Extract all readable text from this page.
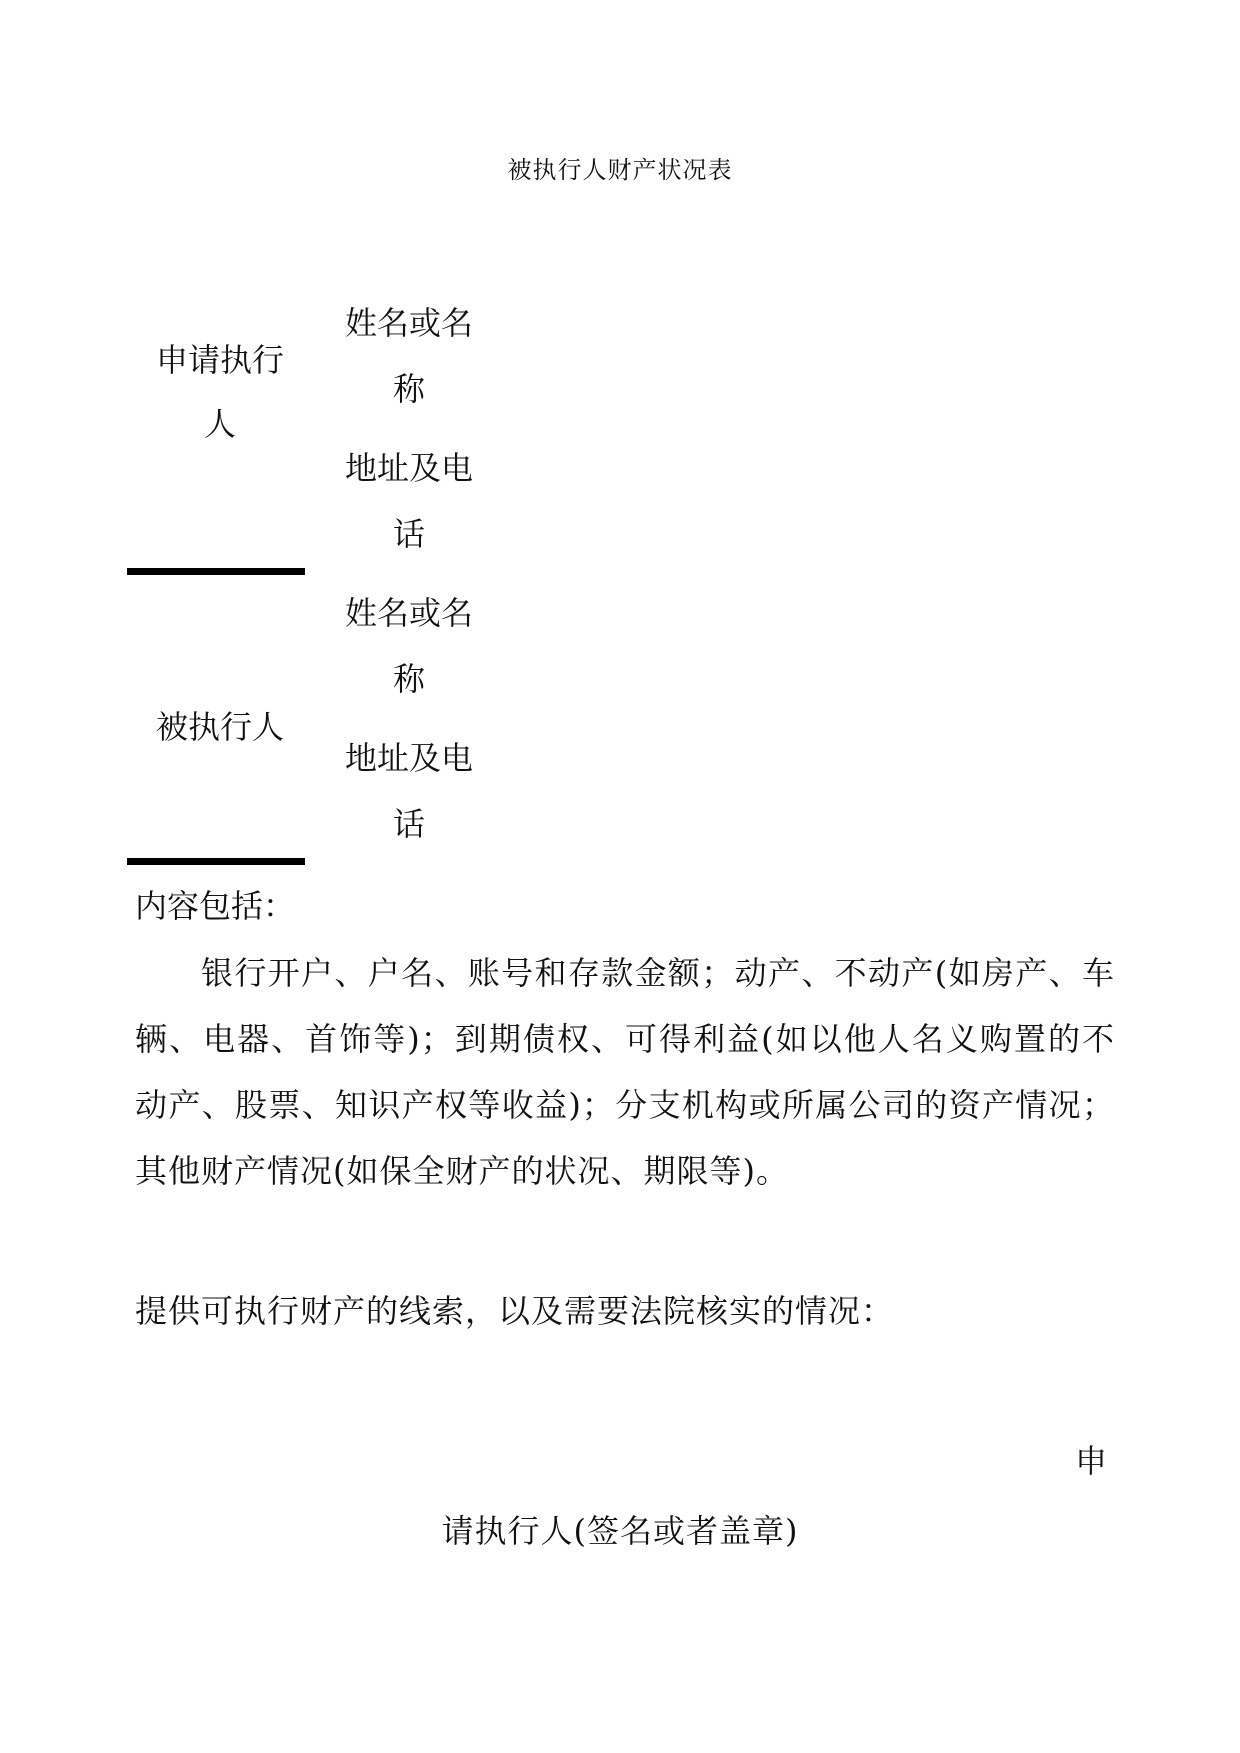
被执行人财产状况表
申请执行
人
姓名或名
称
地址及电
话
被执行人
姓名或名
称
地址及电
话
内容包括：
银行开户、户名、账号和存款金额；动产、不动产(如房产、车辆、电器、首饰等)；到期债权、可得利益(如以他人名义购置的不动产、股票、知识产权等收益)；分支机构或所属公司的资产情况；其他财产情况(如保全财产的状况、期限等)。
提供可执行财产的线索，以及需要法院核实的情况：
申
请执行人(签名或者盖章)
